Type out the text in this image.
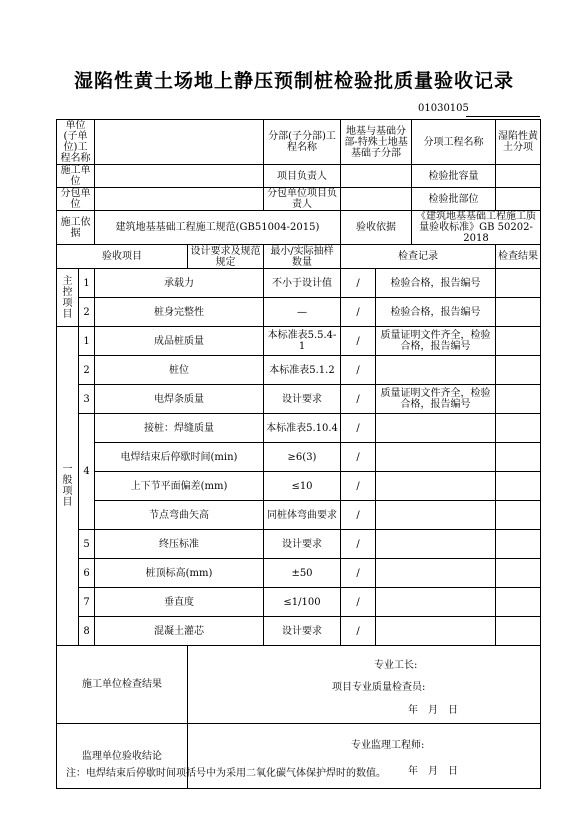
湿陷性黄土场地上静压预制桩检验批质量验收记录
01030105
单位(子单位)工程名称				分部(子分部)工程名称	地基与基础分部-特殊土地基基础子分部		分项工程名称	湿陷性黄土分项
施工单位				项目负责人			检验批容量	
分包单位				分包单位项目负责人			检验批部位	
施工依据		建筑地基基础工程施工规范(GB51004-2015)			验收依据		《建筑地基基础工程施工质量验收标准》GB 50202-2018	
验收项目			设计要求及规范规定	最小/实际抽样数量	检查记录			检查结果
主控项目	1	承载力		不小于设计值	/	检验合格，报告编号		
	2	桩身完整性		—	/	检验合格，报告编号		
一般项目	1	成品桩质量		本标准表5.5.4-1	/	质量证明文件齐全，检验合格，报告编号		
	2	桩位		本标准表5.1.2	/			
	3	电焊条质量		设计要求	/	质量证明文件齐全，检验合格，报告编号		
	4	接桩：焊缝质量		本标准表5.10.4	/			
		电焊结束后停歇时间(min)		≥6(3)	/			
		上下节平面偏差(mm)		≤10	/			
		节点弯曲矢高		同桩体弯曲要求	/			
	5	终压标准		设计要求	/			
	6	桩顶标高(mm)		±50	/			
	7	垂直度		≤1/100	/			
	8	混凝土灌芯		设计要求	/			
施工单位检查结果			专业工长:
项目专业质量检查员:
年　月　日					

监理单位验收结论			专业监理工程师:
年　月　日					
注：电焊结束后停歇时间项括号中为采用二氧化碳气体保护焊时的数值。
